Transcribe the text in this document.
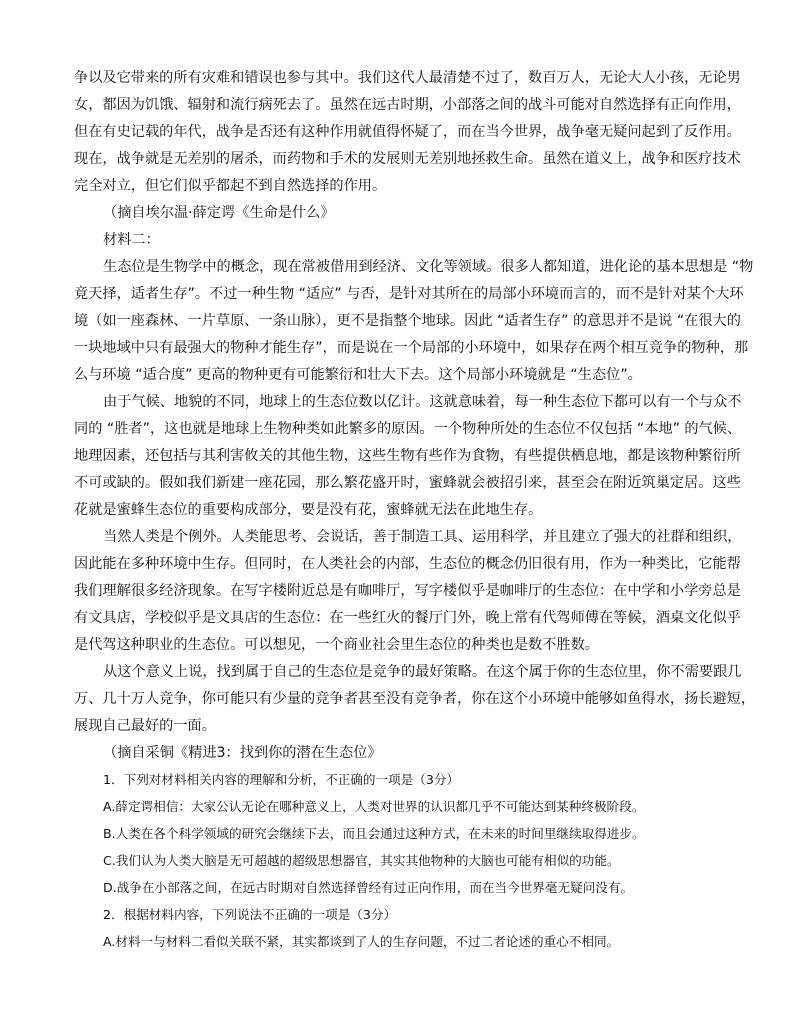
争以及它带来的所有灾难和错误也参与其中。我们这代人最清楚不过了，数百万人，无论大人小孩，无论男
女，都因为饥饿、辐射和流行病死去了。虽然在远古时期，小部落之间的战斗可能对自然选择有正向作用，
但在有史记载的年代，战争是否还有这种作用就值得怀疑了，而在当今世界，战争毫无疑问起到了反作用。
现在，战争就是无差别的屠杀，而药物和手术的发展则无差别地拯救生命。虽然在道义上，战争和医疗技术
完全对立，但它们似乎都起不到自然选择的作用。
（摘自埃尔温·薛定谔《生命是什么》
材料二：
生态位是生物学中的概念，现在常被借用到经济、文化等领域。很多人都知道，进化论的基本思想是 “物
竟天择，适者生存”。不过一种生物 “适应” 与否，是针对其所在的局部小环境而言的，而不是针对某个大环
境（如一座森林、一片草原、一条山脉），更不是指整个地球。因此 “适者生存” 的意思并不是说 “在很大的
一块地域中只有最强大的物种才能生存”，而是说在一个局部的小环境中，如果存在两个相互竞争的物种，那
么与环境 “适合度” 更高的物种更有可能繁衍和壮大下去。这个局部小环境就是 “生态位”。
由于气候、地貌的不同，地球上的生态位数以亿计。这就意味着，每一种生态位下都可以有一个与众不
同的 “胜者”，这也就是地球上生物种类如此繁多的原因。一个物种所处的生态位不仅包括 “本地” 的气候、
地理因素，还包括与其利害攸关的其他生物，这些生物有些作为食物，有些提供栖息地，都是该物种繁衍所
不可或缺的。假如我们新建一座花园，那么繁花盛开时，蜜蜂就会被招引来，甚至会在附近筑巢定居。这些
花就是蜜蜂生态位的重要构成部分，要是没有花，蜜蜂就无法在此地生存。
当然人类是个例外。人类能思考、会说话，善于制造工具、运用科学，并且建立了强大的社群和组织，
因此能在多种环境中生存。但同时，在人类社会的内部，生态位的概念仍旧很有用，作为一种类比，它能帮
我们理解很多经济现象。在写字楼附近总是有咖啡厅，写字楼似乎是咖啡厅的生态位：在中学和小学旁总是
有文具店，学校似乎是文具店的生态位：在一些红火的餐厅门外，晚上常有代驾师傅在等候，酒桌文化似乎
是代驾这种职业的生态位。可以想见，一个商业社会里生态位的种类也是数不胜数。
从这个意义上说，找到属于自己的生态位是竞争的最好策略。在这个属于你的生态位里，你不需要跟几
万、几十万人竞争，你可能只有少量的竞争者甚至没有竞争者，你在这个小环境中能够如鱼得水，扬长避短，
展现自己最好的一面。
（摘自采铜《精进3：找到你的潜在生态位》
1．下列对材料相关内容的理解和分析，不正确的一项是（3分）
A.薛定谔相信：大家公认无论在哪种意义上，人类对世界的认识都几乎不可能达到某种终极阶段。
B.人类在各个科学领域的研究会继续下去，而且会通过这种方式，在未来的时间里继续取得进步。
C.我们认为人类大脑是无可超越的超级思想器官，其实其他物种的大脑也可能有相似的功能。
D.战争在小部落之间，在远古时期对自然选择曾经有过正向作用，而在当今世界毫无疑问没有。
2．根据材料内容，下列说法不正确的一项是（3分）
A.材料一与材料二看似关联不紧，其实都谈到了人的生存问题，不过二者论述的重心不相同。
